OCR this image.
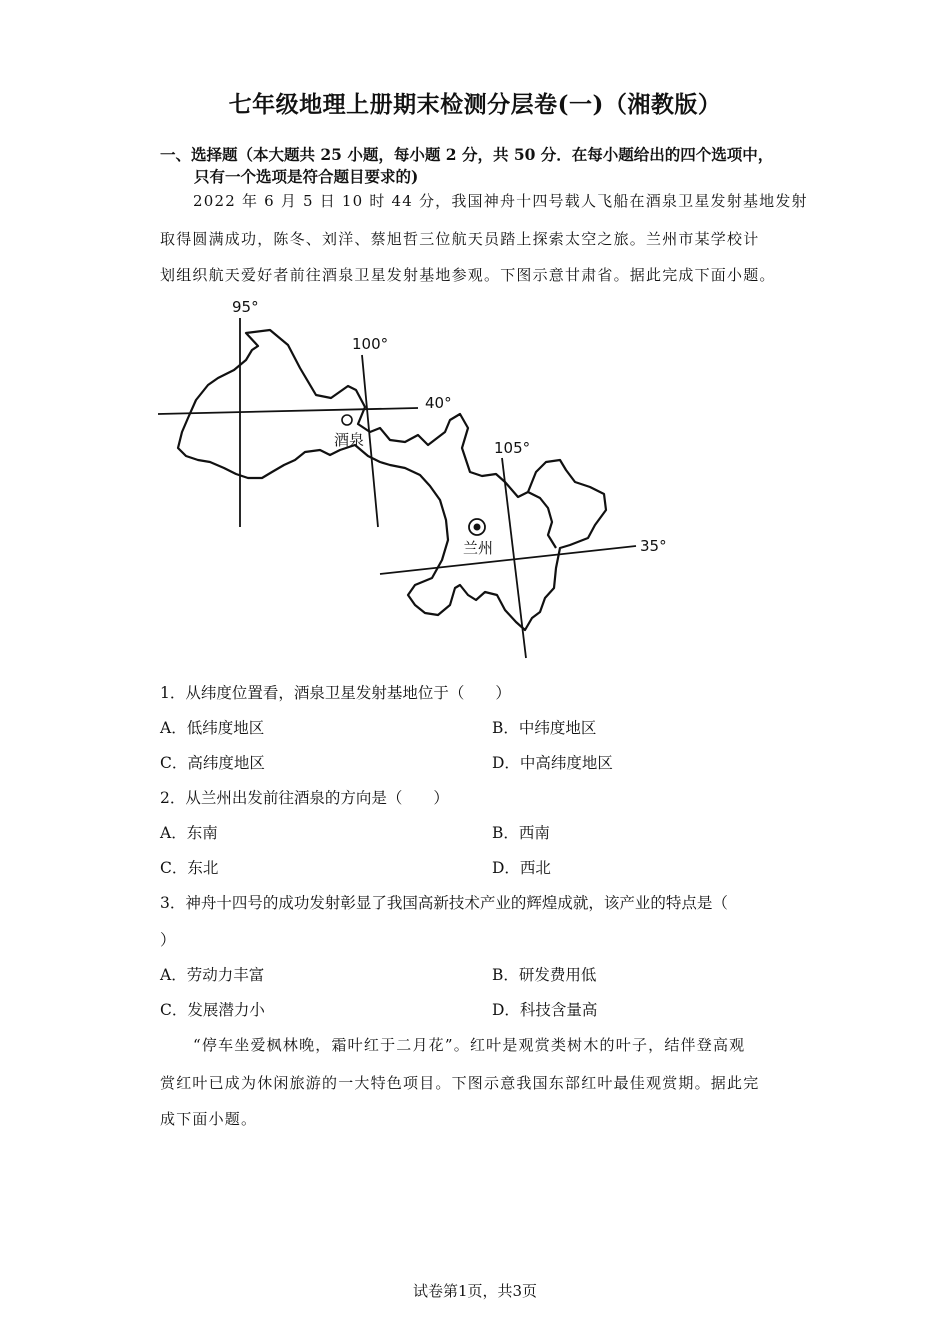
七年级地理上册期末检测分层卷(一)（湘教版）
一、选择题（本大题共 25 小题，每小题 2 分，共 50 分．在每小题给出的四个选项中，
只有一个选项是符合题目要求的)
2022 年 6 月 5 日 10 时 44 分，我国神舟十四号载人飞船在酒泉卫星发射基地发射
取得圆满成功，陈冬、刘洋、蔡旭哲三位航天员踏上探索太空之旅。兰州市某学校计
划组织航天爱好者前往酒泉卫星发射基地参观。下图示意甘肃省。据此完成下面小题。
95°
100°
105°
40°
35°
酒泉
兰州
1．从纬度位置看，酒泉卫星发射基地位于（　　）
A．低纬度地区	B．中纬度地区
C．高纬度地区	D．中高纬度地区
2．从兰州出发前往酒泉的方向是（　　）
A．东南	B．西南
C．东北	D．西北
3．神舟十四号的成功发射彰显了我国高新技术产业的辉煌成就，该产业的特点是（
）
A．劳动力丰富	B．研发费用低
C．发展潜力小	D．科技含量高
“停车坐爱枫林晚，霜叶红于二月花”。红叶是观赏类树木的叶子，结伴登高观
赏红叶已成为休闲旅游的一大特色项目。下图示意我国东部红叶最佳观赏期。据此完
成下面小题。
试卷第1页，共3页
